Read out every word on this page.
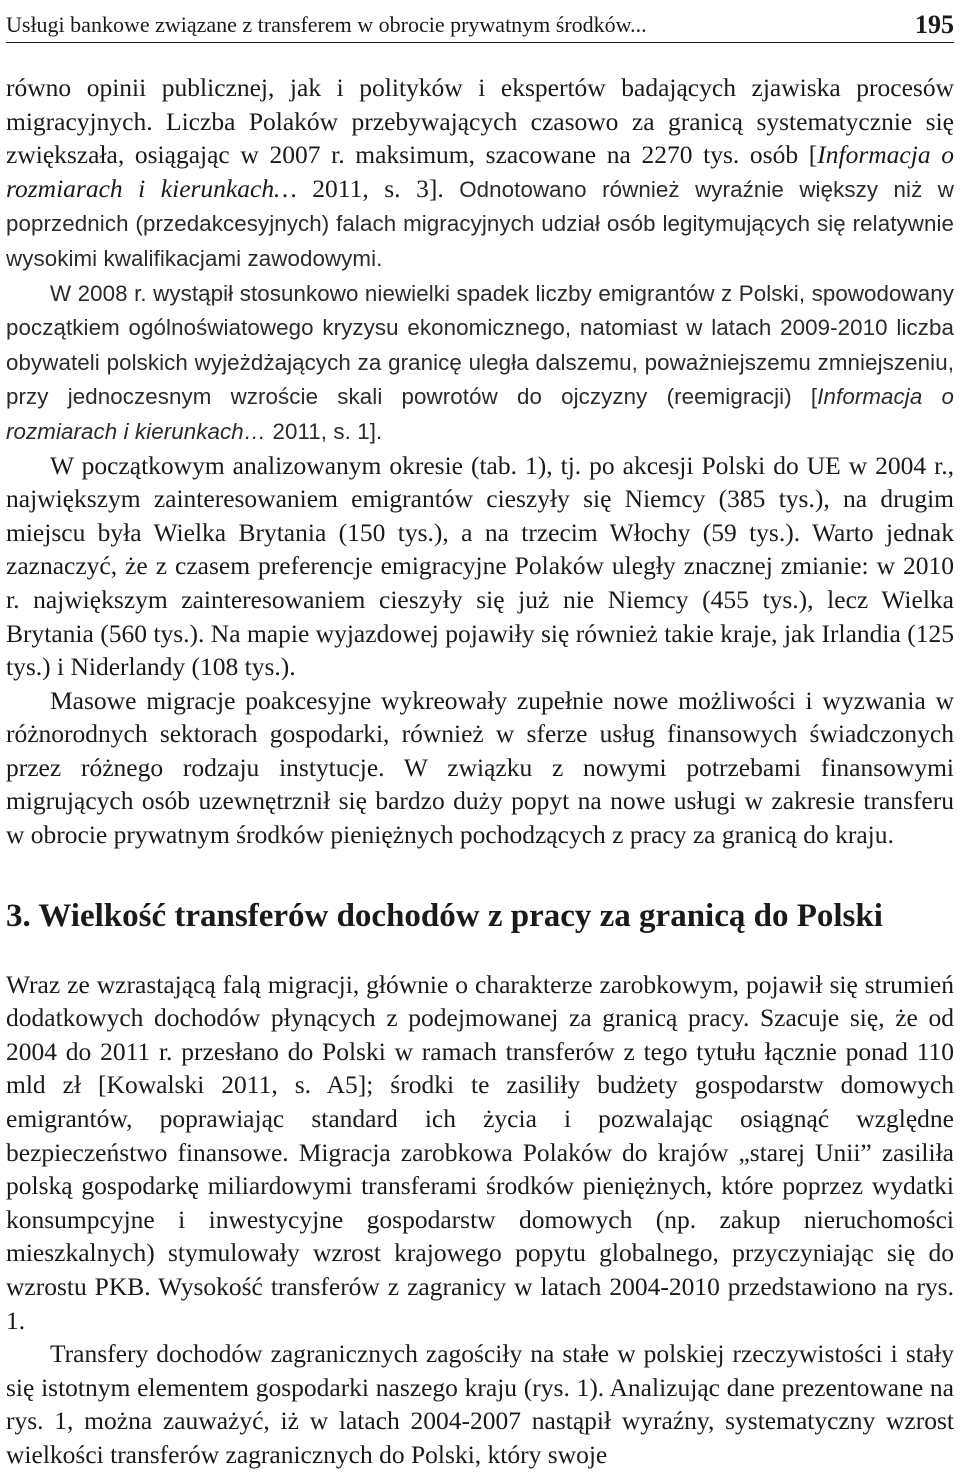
Usługi bankowe związane z transferem w obrocie prywatnym środków...	195

równo opinii publicznej, jak i polityków i ekspertów badających zjawiska procesów migracyjnych. Liczba Polaków przebywających czasowo za granicą systematycznie się zwiększała, osiągając w 2007 r. maksimum, szacowane na 2270 tys. osób [Informacja o rozmiarach i kierunkach… 2011, s. 3]. Odnotowano również wyraźnie większy niż w poprzednich (przedakcesyjnych) falach migracyjnych udział osób legitymujących się relatywnie wysokimi kwalifikacjami zawodowymi.

W 2008 r. wystąpił stosunkowo niewielki spadek liczby emigrantów z Polski, spowodowany początkiem ogólnoświatowego kryzysu ekonomicznego, natomiast w latach 2009-2010 liczba obywateli polskich wyjeżdżających za granicę uległa dalszemu, poważniejszemu zmniejszeniu, przy jednoczesnym wzroście skali powrotów do ojczyzny (reemigracji) [Informacja o rozmiarach i kierunkach… 2011, s. 1].

W początkowym analizowanym okresie (tab. 1), tj. po akcesji Polski do UE w 2004 r., największym zainteresowaniem emigrantów cieszyły się Niemcy (385 tys.), na drugim miejscu była Wielka Brytania (150 tys.), a na trzecim Włochy (59 tys.). Warto jednak zaznaczyć, że z czasem preferencje emigracyjne Polaków uległy znacznej zmianie: w 2010 r. największym zainteresowaniem cieszyły się już nie Niemcy (455 tys.), lecz Wielka Brytania (560 tys.). Na mapie wyjazdowej pojawiły się również takie kraje, jak Irlandia (125 tys.) i Niderlandy (108 tys.).

Masowe migracje poakcesyjne wykreowały zupełnie nowe możliwości i wyzwania w różnorodnych sektorach gospodarki, również w sferze usług finansowych świadczonych przez różnego rodzaju instytucje. W związku z nowymi potrzebami finansowymi migrujących osób uzewnętrznił się bardzo duży popyt na nowe usługi w zakresie transferu w obrocie prywatnym środków pieniężnych pochodzących z pracy za granicą do kraju.

3. Wielkość transferów dochodów z pracy za granicą do Polski

Wraz ze wzrastającą falą migracji, głównie o charakterze zarobkowym, pojawił się strumień dodatkowych dochodów płynących z podejmowanej za granicą pracy. Szacuje się, że od 2004 do 2011 r. przesłano do Polski w ramach transferów z tego tytułu łącznie ponad 110 mld zł [Kowalski 2011, s. A5]; środki te zasiliły budżety gospodarstw domowych emigrantów, poprawiając standard ich życia i pozwalając osiągnąć względne bezpieczeństwo finansowe. Migracja zarobkowa Polaków do krajów „starej Unii” zasiliła polską gospodarkę miliardowymi transferami środków pieniężnych, które poprzez wydatki konsumpcyjne i inwestycyjne gospodarstw domowych (np. zakup nieruchomości mieszkalnych) stymulowały wzrost krajowego popytu globalnego, przyczyniając się do wzrostu PKB. Wysokość transferów z zagranicy w latach 2004-2010 przedstawiono na rys. 1.

Transfery dochodów zagranicznych zagościły na stałe w polskiej rzeczywistości i stały się istotnym elementem gospodarki naszego kraju (rys. 1). Analizując dane prezentowane na rys. 1, można zauważyć, iż w latach 2004-2007 nastąpił wyraźny, systematyczny wzrost wielkości transferów zagranicznych do Polski, który swoje
